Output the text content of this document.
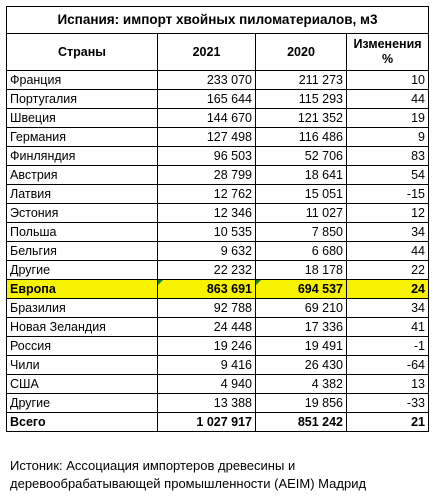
Испания: импорт хвойных пиломатериалов, м3			
Страны	2021	2020	Изменения
%
Франция	233 070	211 273	10
Португалия	165 644	115 293	44
Швеция	144 670	121 352	19
Германия	127 498	116 486	9
Финляндия	96 503	52 706	83
Австрия	28 799	18 641	54
Латвия	12 762	15 051	-15
Эстония	12 346	11 027	12
Польша	10 535	7 850	34
Бельгия	9 632	6 680	44
Другие	22 232	18 178	22
Европа	863 691	694 537	24
Бразилия	92 788	69 210	34
Новая Зеландия	24 448	17 336	41
Россия	19 246	19 491	-1
Чили	9 416	26 430	-64
США	4 940	4 382	13
Другие	13 388	19 856	-33
Всего	1 027 917	851 242	21
Истоник: Ассоциация импортеров древесины и
деревообрабатывающей промышленности (AEIM) Мадрид
